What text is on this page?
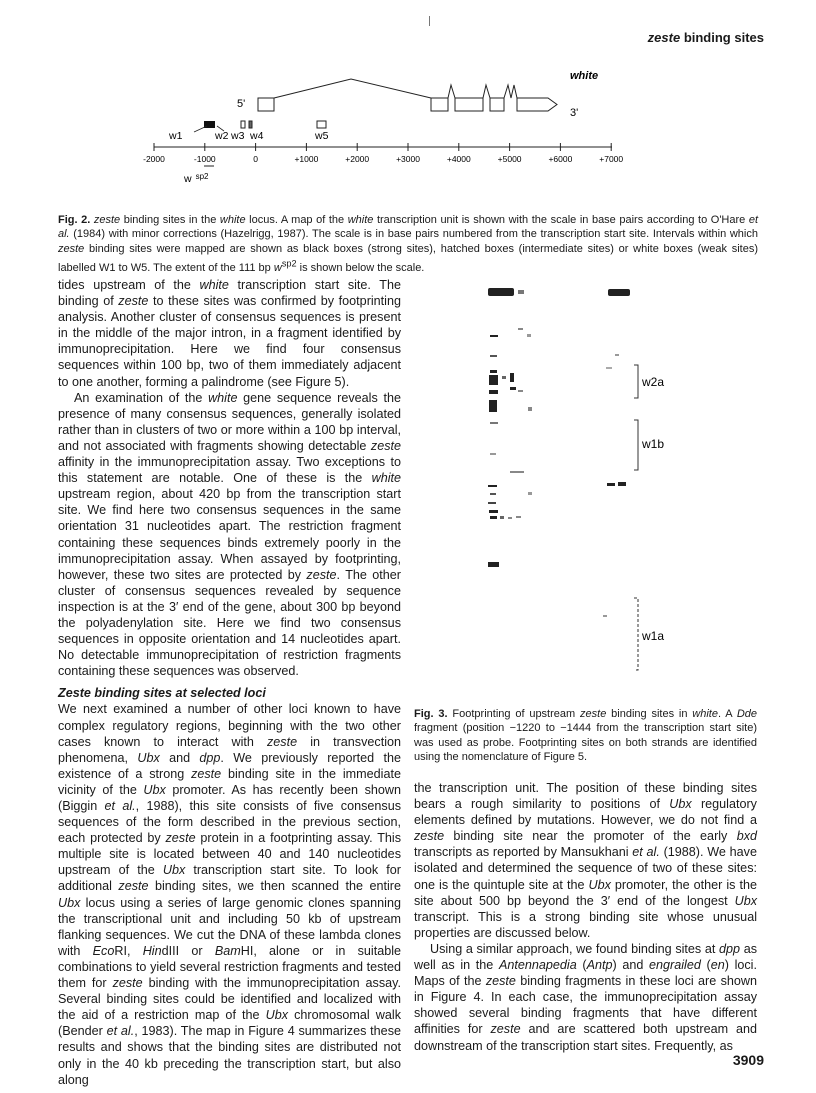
zeste binding sites
white
5'
3'
w1	w2 w3 w4	w5
-2000	-1000	0	+1000	+2000	+3000	+4000	+5000	+6000	+7000
w $^{sp2}$
Fig. 2. zeste binding sites in the white locus. A map of the white transcription unit is shown with the scale in base pairs according to O'Hare et al. (1984) with minor corrections (Hazelrigg, 1987). The scale is in base pairs numbered from the transcription start site. Intervals within which zeste binding sites were mapped are shown as black boxes (strong sites), hatched boxes (intermediate sites) or white boxes (weak sites) labelled W1 to W5. The extent of the 111 bp $w^{sp2}$ is shown below the scale.

tides upstream of the white transcription start site. The binding of zeste to these sites was confirmed by footprinting analysis. Another cluster of consensus sequences is present in the middle of the major intron, in a fragment identified by immunoprecipitation. Here we find four consensus sequences within 100 bp, two of them immediately adjacent to one another, forming a palindrome (see Figure 5).

An examination of the white gene sequence reveals the presence of many consensus sequences, generally isolated rather than in clusters of two or more within a 100 bp interval, and not associated with fragments showing detectable zeste affinity in the immunoprecipitation assay. Two exceptions to this statement are notable. One of these is the white upstream region, about 420 bp from the transcription start site. We find here two consensus sequences in the same orientation 31 nucleotides apart. The restriction fragment containing these sequences binds extremely poorly in the immunoprecipitation assay. When assayed by footprinting, however, these two sites are protected by zeste. The other cluster of consensus sequences revealed by sequence inspection is at the 3′ end of the gene, about 300 bp beyond the polyadenylation site. Here we find two consensus sequences in opposite orientation and 14 nucleotides apart. No detectable immunoprecipitation of restriction fragments containing these sequences was observed.

Zeste binding sites at selected loci

We next examined a number of other loci known to have complex regulatory regions, beginning with the two other cases known to interact with zeste in transvection phenomena, Ubx and dpp. We previously reported the existence of a strong zeste binding site in the immediate vicinity of the Ubx promoter. As has recently been shown (Biggin et al., 1988), this site consists of five consensus sequences of the form described in the previous section, each protected by zeste protein in a footprinting assay. This multiple site is located between 40 and 140 nucleotides upstream of the Ubx transcription start site. To look for additional zeste binding sites, we then scanned the entire Ubx locus using a series of large genomic clones spanning the transcriptional unit and including 50 kb of upstream flanking sequences. We cut the DNA of these lambda clones with EcoRI, HindIII or BamHI, alone or in suitable combinations to yield several restriction fragments and tested them for zeste binding with the immunoprecipitation assay. Several binding sites could be identified and localized with the aid of a restriction map of the Ubx chromosomal walk (Bender et al., 1983). The map in Figure 4 summarizes these results and shows that the binding sites are distributed not only in the 40 kb preceding the transcription start, but also along

w2a
w1b
w1a
Fig. 3. Footprinting of upstream zeste binding sites in white. A Dde fragment (position −1220 to −1444 from the transcription start site) was used as probe. Footprinting sites on both strands are identified using the nomenclature of Figure 5.

the transcription unit. The position of these binding sites bears a rough similarity to positions of Ubx regulatory elements defined by mutations. However, we do not find a zeste binding site near the promoter of the early bxd transcripts as reported by Mansukhani et al. (1988). We have isolated and determined the sequence of two of these sites: one is the quintuple site at the Ubx promoter, the other is the site about 500 bp beyond the 3′ end of the longest Ubx transcript. This is a strong binding site whose unusual properties are discussed below.

Using a similar approach, we found binding sites at dpp as well as in the Antennapedia (Antp) and engrailed (en) loci. Maps of the zeste binding fragments in these loci are shown in Figure 4. In each case, the immunoprecipitation assay showed several binding fragments that have different affinities for zeste and are scattered both upstream and downstream of the transcription start sites. Frequently, as

3909
